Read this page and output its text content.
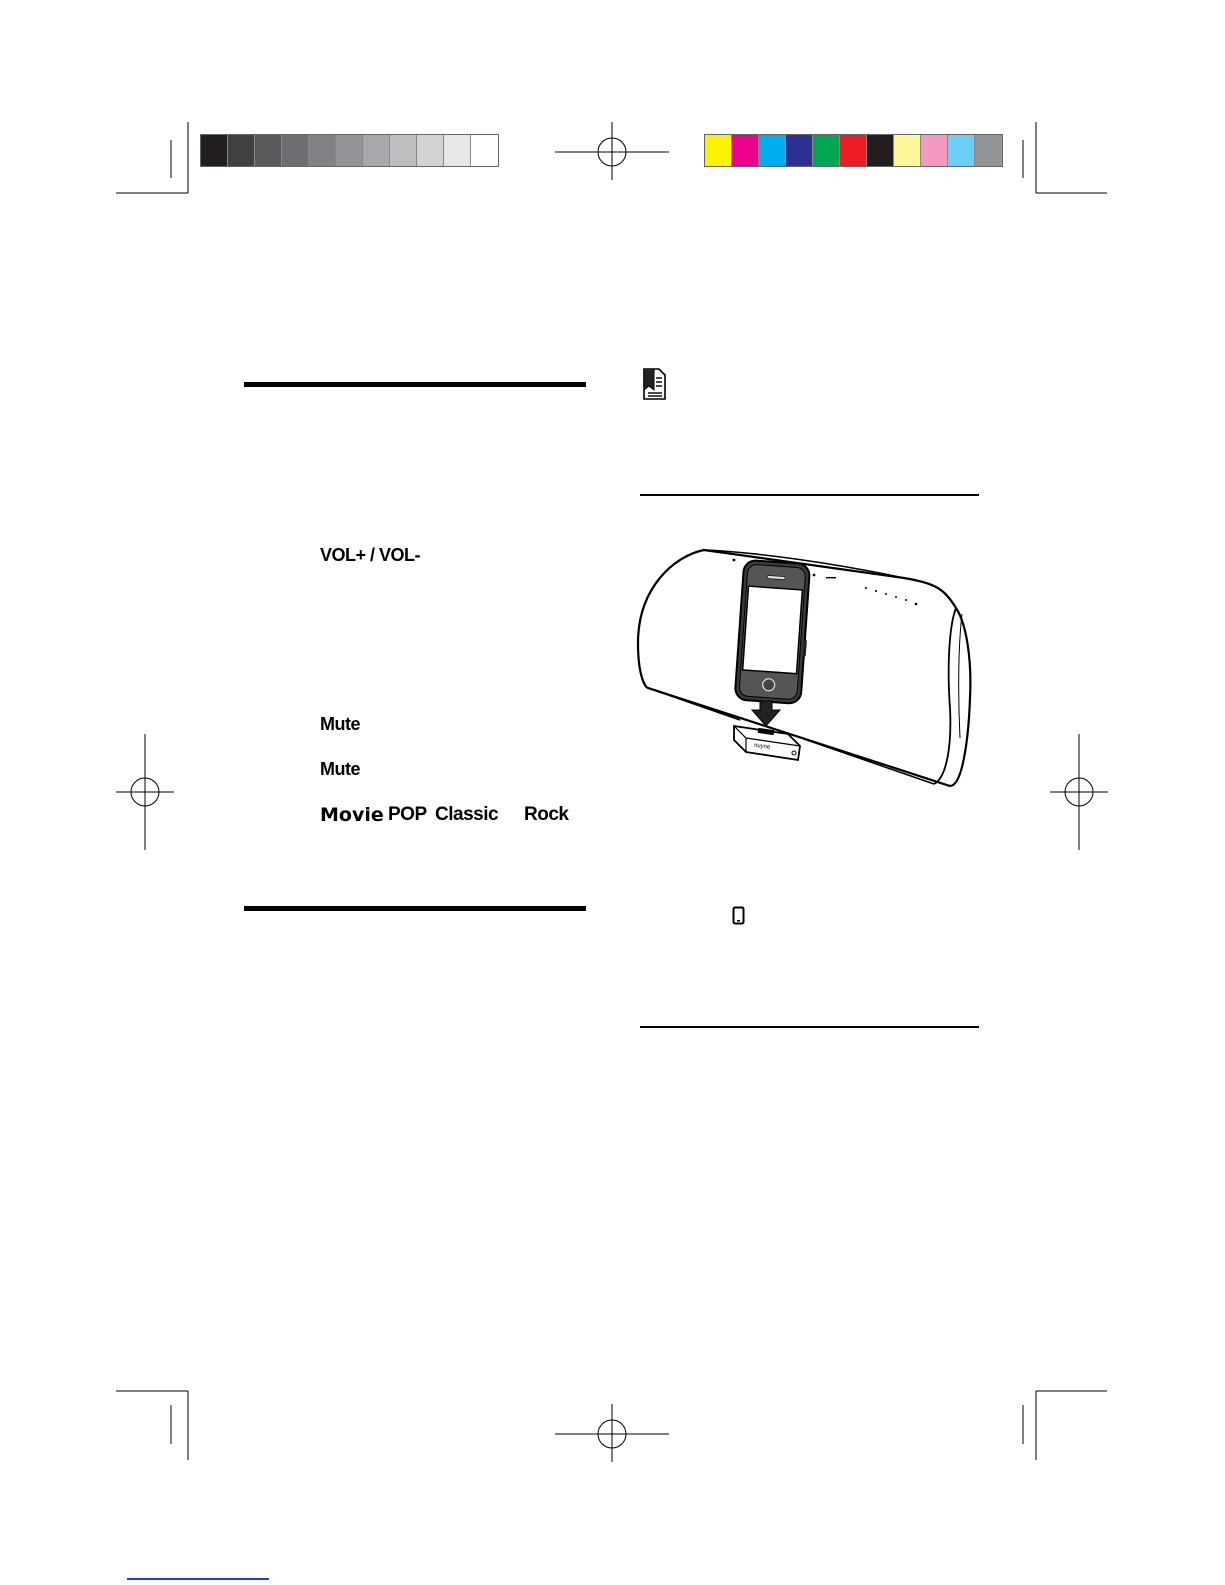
VOL+ / VOL-
Mute
Mute
Movie POP Classic Rock
nuyne
